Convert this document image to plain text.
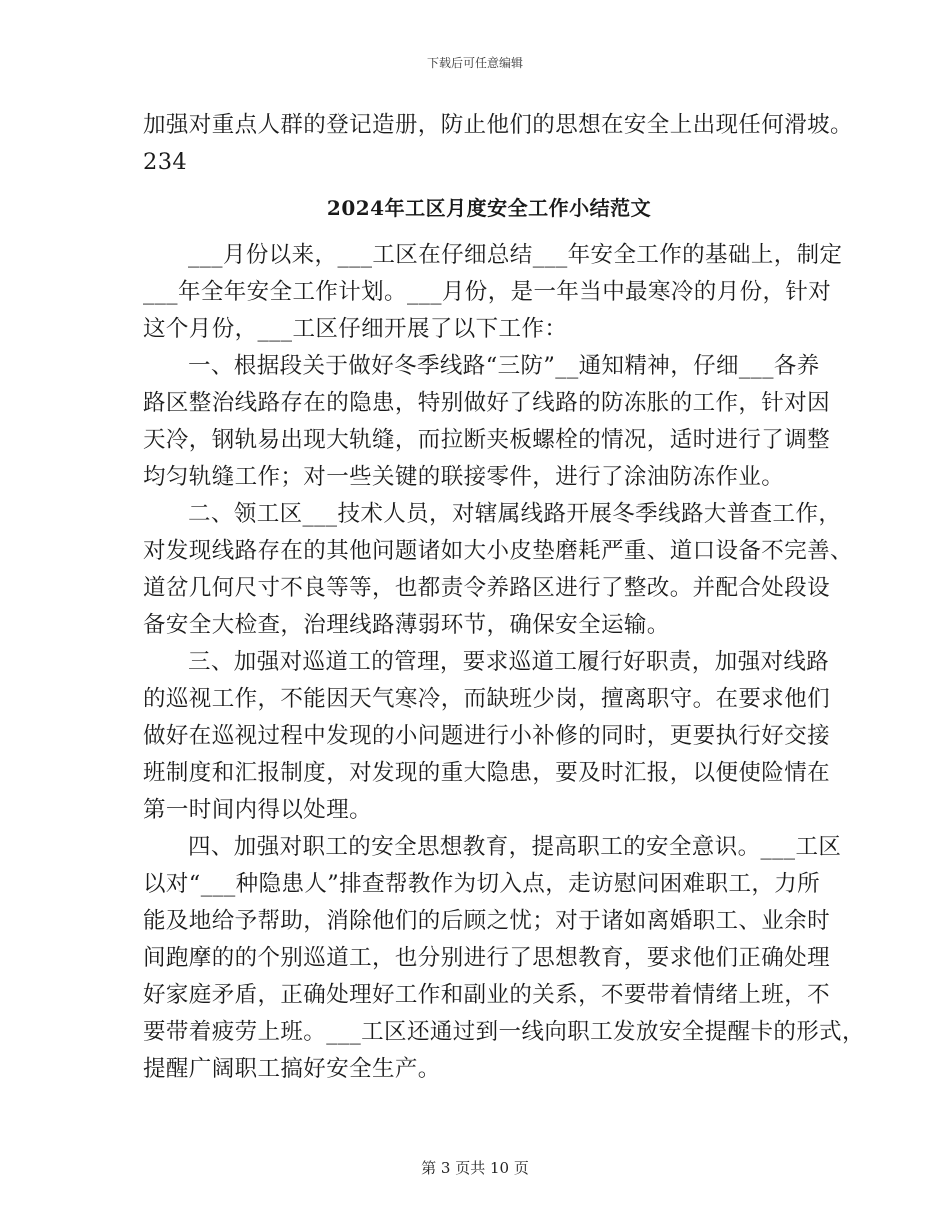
下载后可任意编辑
加强对重点人群的登记造册，防止他们的思想在安全上出现任何滑坡。
234
2024年工区月度安全工作小结范文
___月份以来，___工区在仔细总结___年安全工作的基础上，制定
___年全年安全工作计划。___月份，是一年当中最寒冷的月份，针对
这个月份，___工区仔细开展了以下工作：
一、根据段关于做好冬季线路“三防”__通知精神，仔细___各养
路区整治线路存在的隐患，特别做好了线路的防冻胀的工作，针对因
天冷，钢轨易出现大轨缝，而拉断夹板螺栓的情况，适时进行了调整
均匀轨缝工作；对一些关键的联接零件，进行了涂油防冻作业。
二、领工区___技术人员，对辖属线路开展冬季线路大普查工作，
对发现线路存在的其他问题诸如大小皮垫磨耗严重、道口设备不完善、
道岔几何尺寸不良等等，也都责令养路区进行了整改。并配合处段设
备安全大检查，治理线路薄弱环节，确保安全运输。
三、加强对巡道工的管理，要求巡道工履行好职责，加强对线路
的巡视工作，不能因天气寒冷，而缺班少岗，擅离职守。在要求他们
做好在巡视过程中发现的小问题进行小补修的同时，更要执行好交接
班制度和汇报制度，对发现的重大隐患，要及时汇报，以便使险情在
第一时间内得以处理。
四、加强对职工的安全思想教育，提高职工的安全意识。___工区
以对“___种隐患人”排查帮教作为切入点，走访慰问困难职工，力所
能及地给予帮助，消除他们的后顾之忧；对于诸如离婚职工、业余时
间跑摩的的个别巡道工，也分别进行了思想教育，要求他们正确处理
好家庭矛盾，正确处理好工作和副业的关系，不要带着情绪上班，不
要带着疲劳上班。___工区还通过到一线向职工发放安全提醒卡的形式，
提醒广阔职工搞好安全生产。
第 3 页共 10 页
